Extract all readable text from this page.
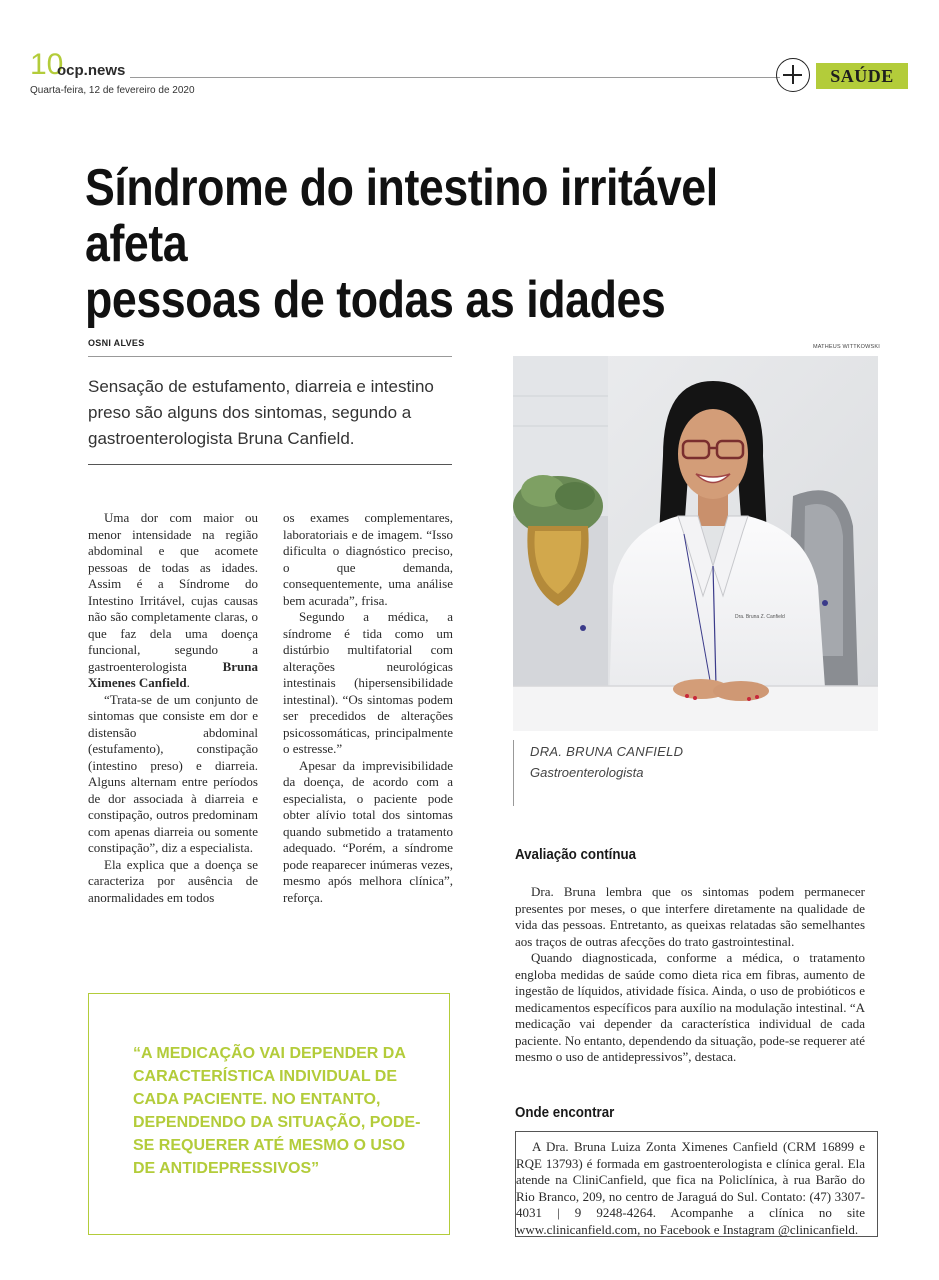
10
ocp.news
Quarta-feira, 12 de fevereiro de 2020
SAÚDE
Síndrome do intestino irritável afeta
pessoas de todas as idades
OSNI ALVES

Sensação de estufamento, diarreia e intestino preso são alguns dos sintomas, segundo a gastroenterologista Bruna Canfield.

Uma dor com maior ou menor intensidade na região abdominal e que acomete pessoas de todas as idades. Assim é a Síndrome do Intestino Irritável, cujas causas não são completamente claras, o que faz dela uma doença funcional, segundo a gastroenterologista Bruna Ximenes Canfield.

“Trata-se de um conjunto de sintomas que consiste em dor e distensão abdominal (estufamento), constipação (intestino preso) e diarreia. Alguns alternam entre períodos de dor associada à diarreia e constipação, outros predominam com apenas diarreia ou somente constipação”, diz a especialista.

Ela explica que a doença se caracteriza por ausência de anormalidades em todos

os exames complementares, laboratoriais e de imagem. “Isso dificulta o diagnóstico preciso, o que demanda, consequentemente, uma análise bem acurada”, frisa.

Segundo a médica, a síndrome é tida como um distúrbio multifatorial com alterações neurológicas intestinais (hipersensibilidade intestinal). “Os sintomas podem ser precedidos de alterações psicossomáticas, principalmente o estresse.”

Apesar da imprevisibilidade da doença, de acordo com a especialista, o paciente pode obter alívio total dos sintomas quando submetido a tratamento adequado. “Porém, a síndrome pode reaparecer inúmeras vezes, mesmo após melhora clínica”, reforça.

“A MEDICAÇÃO VAI DEPENDER DA CARACTERÍSTICA INDIVIDUAL DE CADA PACIENTE. NO ENTANTO, DEPENDENDO DA SITUAÇÃO, PODE-SE REQUERER ATÉ MESMO O USO DE ANTIDEPRESSIVOS”

MATHEUS WITTKOWSKI
Dra. Bruna Z. Canfield
DRA. BRUNA CANFIELD
Gastroenterologista
Avaliação contínua

Dra. Bruna lembra que os sintomas podem permanecer presentes por meses, o que interfere diretamente na qualidade de vida das pessoas. Entretanto, as queixas relatadas são semelhantes aos traços de outras afecções do trato gastrointestinal.

Quando diagnosticada, conforme a médica, o tratamento engloba medidas de saúde como dieta rica em fibras, aumento de ingestão de líquidos, atividade física. Ainda, o uso de probióticos e medicamentos específicos para auxílio na modulação intestinal. “A medicação vai depender da característica individual de cada paciente. No entanto, dependendo da situação, pode-se requerer até mesmo o uso de antidepressivos”, destaca.

Onde encontrar

A Dra. Bruna Luiza Zonta Ximenes Canfield (CRM 16899 e RQE 13793) é formada em gastroenterologista e clínica geral. Ela atende na CliniCanfield, que fica na Policlínica, à rua Barão do Rio Branco, 209, no centro de Jaraguá do Sul. Contato: (47) 3307-4031 | 9 9248-4264. Acompanhe a clínica no site www.clinicanfield.com, no Facebook e Instagram @clinicanfield.
